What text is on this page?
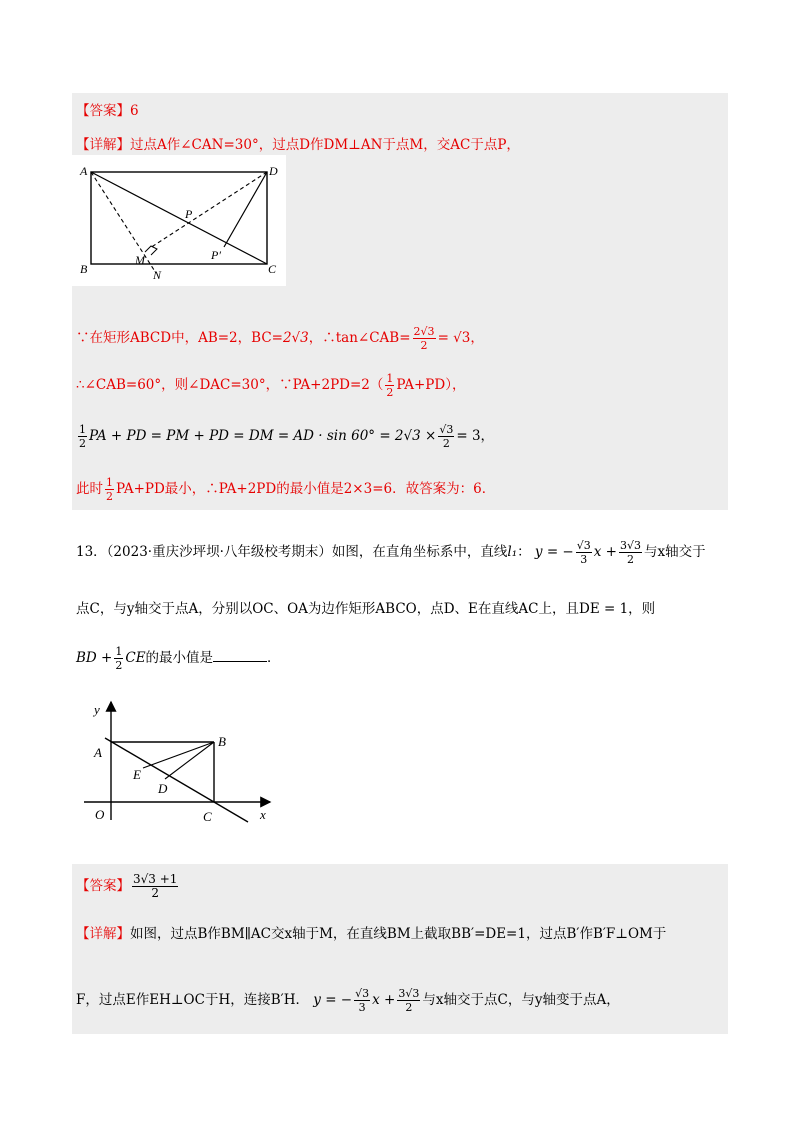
【答案】6
【详解】过点A作∠CAN=30°，过点D作DM⊥AN于点M，交AC于点P，
A	D
B	C
P
P′
M
N
∵在矩形ABCD中，AB=2，BC=2√3，∴tan∠CAB= $\frac{2√3}{2} = √3$，
∴∠CAB=60°，则∠DAC=30°，∵PA+2PD=2（ $\frac{1}{2} PA+PD$），
$\frac{1}{2}$ PA + PD = PM + PD = DM = AD · $\sin 60^\circ = 2√3 \times \frac{√3}{2} = 3$，
此时 $\frac{1}{2} PA+PD$最小，∴PA+2PD的最小值是2×3=6．故答案为：6．
13．（2023·重庆沙坪坝·八年级校考期末）如图，在直角坐标系中，直线l₁： y = − $\frac{√3}{3}$ $x + \frac{3√3}{2}$ 与x轴交于
点C，与y轴交于点A，分别以OC、OA为边作矩形ABCO，点D、E在直线AC上，且DE = 1，则
BD + $\frac{1}{2}$ CE的最小值是	．
y
x
A
B
E
D
O	C
【答案】 $\frac{3√3 +1}{2}$
【详解】如图，过点B作BM∥AC交x轴于M，在直线BM上截取BB′=DE=1，过点B′作B′F⊥OM于
F，过点E作EH⊥OC于H，连接B′H． y = − $\frac{√3}{3}$ $x + \frac{3√3}{2}$ 与x轴交于点C，与y轴变于点A，
